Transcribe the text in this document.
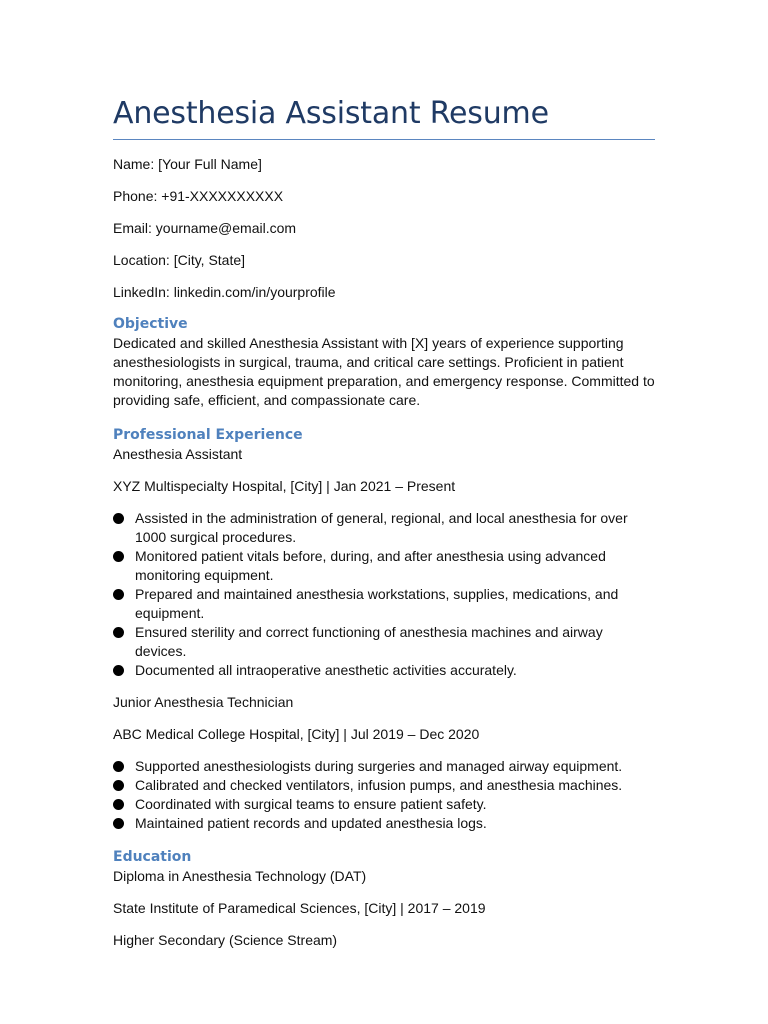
Anesthesia Assistant Resume

Name: [Your Full Name]

Phone: +91-XXXXXXXXXX

Email: yourname@email.com

Location: [City, State]

LinkedIn: linkedin.com/in/yourprofile

Objective

Dedicated and skilled Anesthesia Assistant with [X] years of experience supporting anesthesiologists in surgical, trauma, and critical care settings. Proficient in patient monitoring, anesthesia equipment preparation, and emergency response. Committed to providing safe, efficient, and compassionate care.

Professional Experience

Anesthesia Assistant

XYZ Multispecialty Hospital, [City] | Jan 2021 – Present

Assisted in the administration of general, regional, and local anesthesia for over 1000 surgical procedures.
Monitored patient vitals before, during, and after anesthesia using advanced monitoring equipment.
Prepared and maintained anesthesia workstations, supplies, medications, and equipment.
Ensured sterility and correct functioning of anesthesia machines and airway devices.
Documented all intraoperative anesthetic activities accurately.

Junior Anesthesia Technician

ABC Medical College Hospital, [City] | Jul 2019 – Dec 2020

Supported anesthesiologists during surgeries and managed airway equipment.
Calibrated and checked ventilators, infusion pumps, and anesthesia machines.
Coordinated with surgical teams to ensure patient safety.
Maintained patient records and updated anesthesia logs.
Education

Diploma in Anesthesia Technology (DAT)

State Institute of Paramedical Sciences, [City] | 2017 – 2019

Higher Secondary (Science Stream)
